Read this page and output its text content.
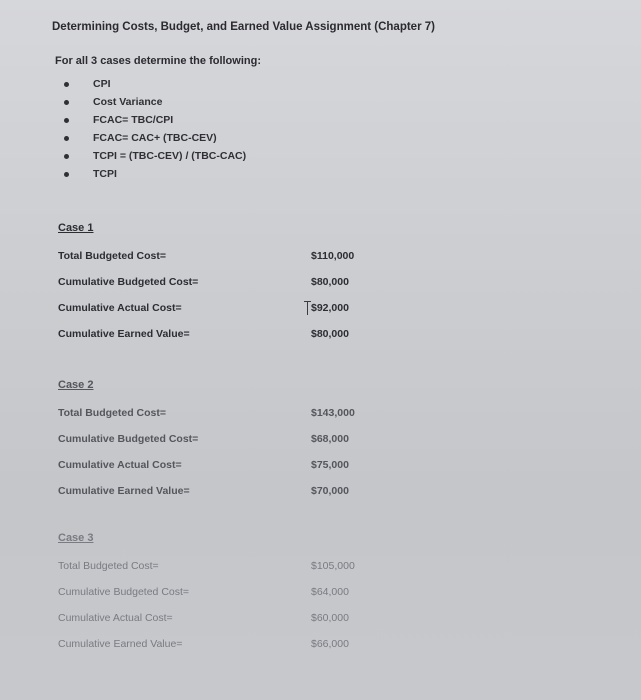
Determining Costs, Budget, and Earned Value Assignment (Chapter 7)
For all 3 cases determine the following:
CPI
Cost Variance
FCAC= TBC/CPI
FCAC= CAC+ (TBC-CEV)
TCPI = (TBC-CEV) / (TBC-CAC)
TCPI
Case 1
Total Budgeted Cost=	$110,000
Cumulative Budgeted Cost=	$80,000
Cumulative Actual Cost=	$92,000
Cumulative Earned Value=	$80,000
Case 2
Total Budgeted Cost=	$143,000
Cumulative Budgeted Cost=	$68,000
Cumulative Actual Cost=	$75,000
Cumulative Earned Value=	$70,000
Case 3
Total Budgeted Cost=	$105,000
Cumulative Budgeted Cost=	$64,000
Cumulative Actual Cost=	$60,000
Cumulative Earned Value=	$66,000
